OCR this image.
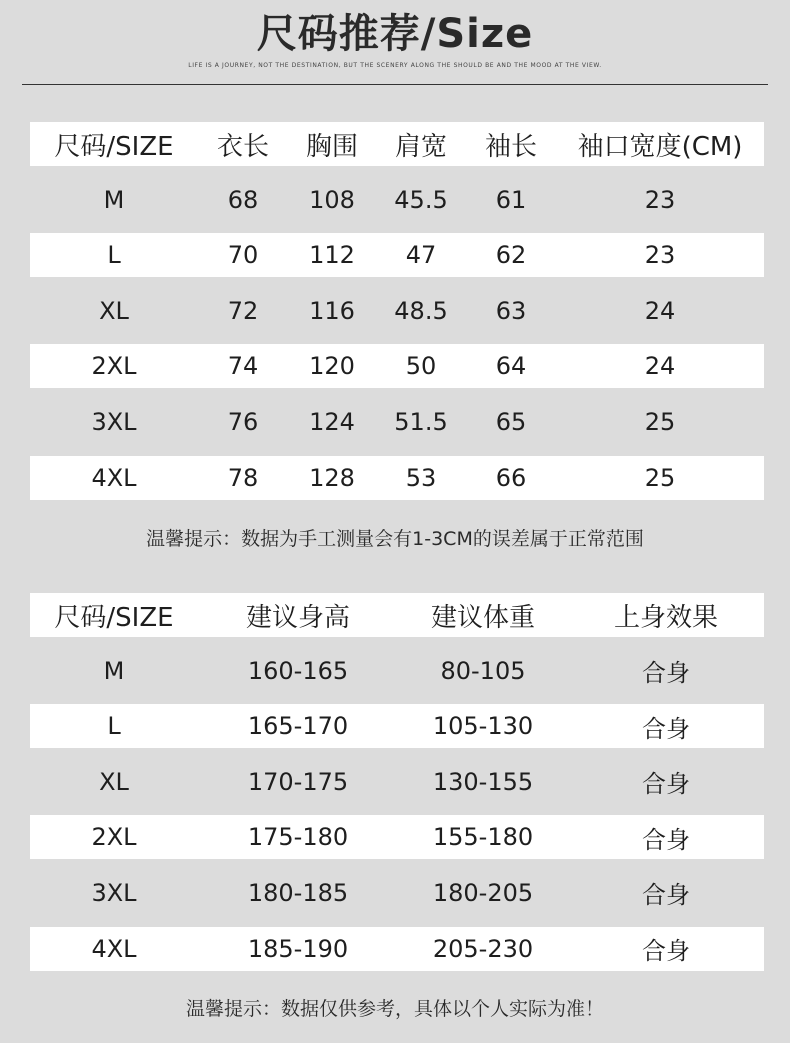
尺码推荐/Size
LIFE IS A JOURNEY, NOT THE DESTINATION, BUT THE SCENERY ALONG THE SHOULD BE AND THE MOOD AT THE VIEW.
尺码/SIZE	衣长	胸围	肩宽	袖长	袖口宽度(CM)
M	68	108	45.5	61	23
L	70	112	47	62	23
XL	72	116	48.5	63	24
2XL	74	120	50	64	24
3XL	76	124	51.5	65	25
4XL	78	128	53	66	25
温馨提示：数据为手工测量会有1-3CM的误差属于正常范围
尺码/SIZE	建议身高	建议体重	上身效果
M	160-165	80-105	合身
L	165-170	105-130	合身
XL	170-175	130-155	合身
2XL	175-180	155-180	合身
3XL	180-185	180-205	合身
4XL	185-190	205-230	合身
温馨提示：数据仅供参考，具体以个人实际为准！
